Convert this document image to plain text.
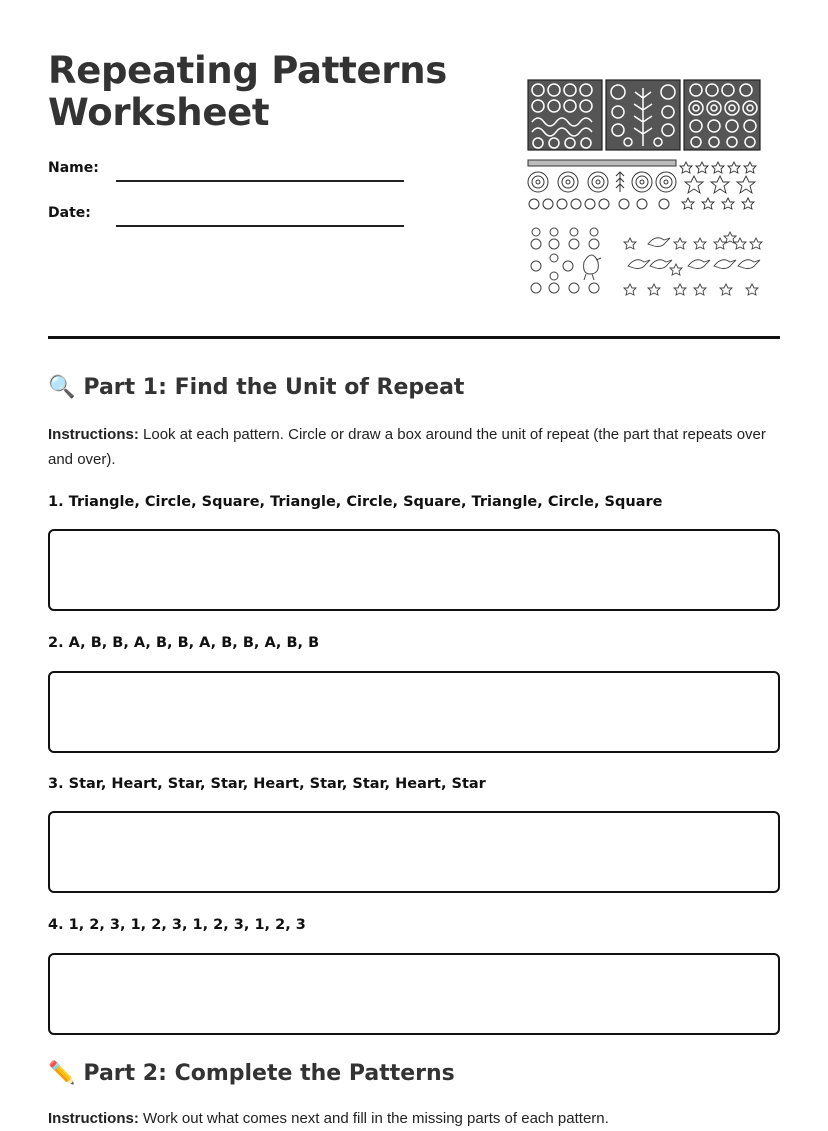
Repeating Patterns
Worksheet
Name:
Date:
🔍 Part 1: Find the Unit of Repeat

Instructions: Look at each pattern. Circle or draw a box around the unit of repeat (the part that repeats over and over).

1. Triangle, Circle, Square, Triangle, Circle, Square, Triangle, Circle, Square
2. A, B, B, A, B, B, A, B, B, A, B, B
3. Star, Heart, Star, Star, Heart, Star, Star, Heart, Star
4. 1, 2, 3, 1, 2, 3, 1, 2, 3, 1, 2, 3
✏️ Part 2: Complete the Patterns

Instructions: Work out what comes next and fill in the missing parts of each pattern.
